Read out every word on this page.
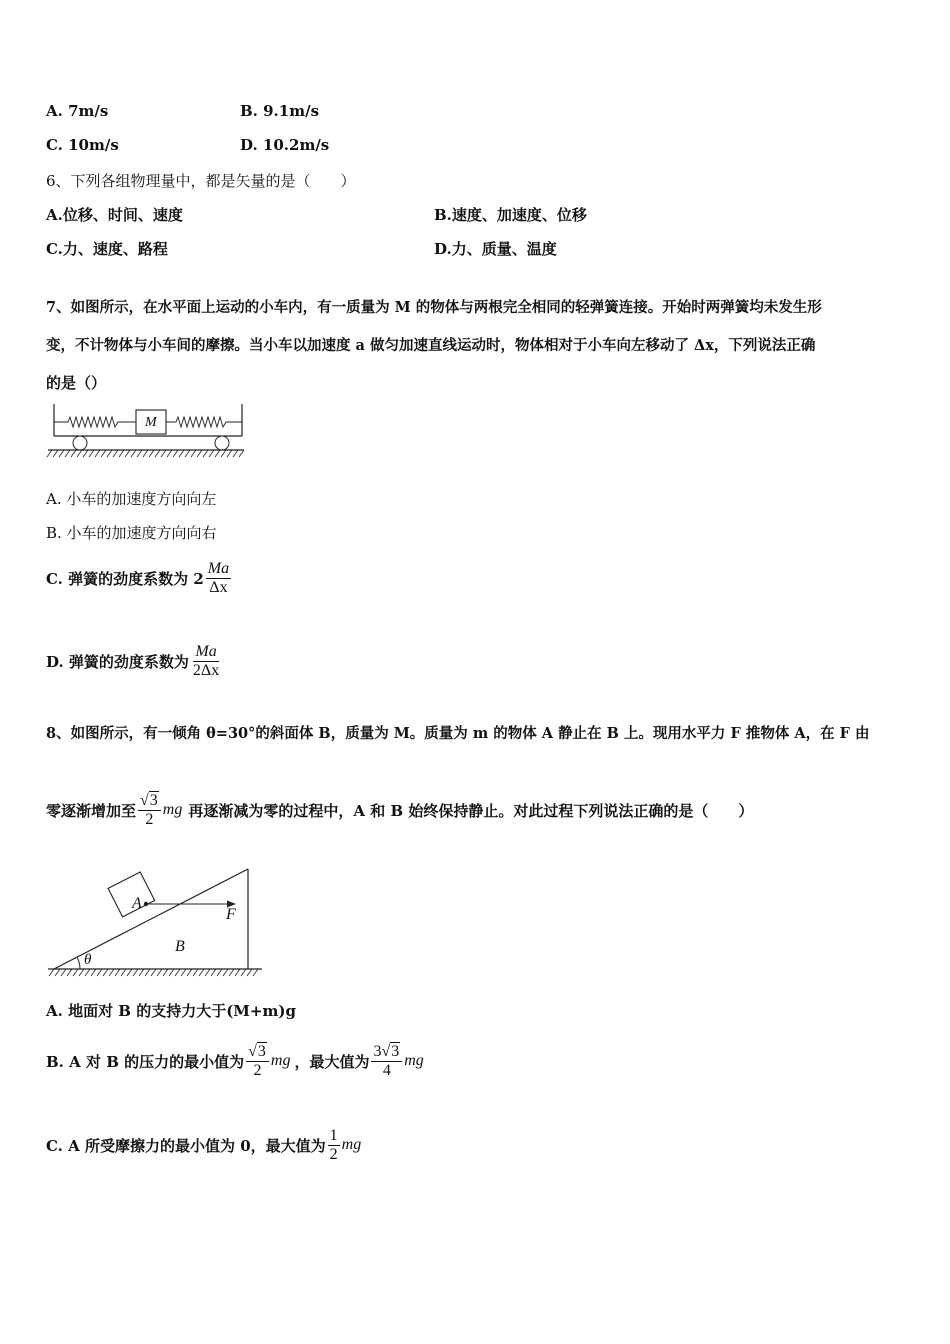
A. 7m/s	B. 9.1m/s
C. 10m/s	D. 10.2m/s
6、下列各组物理量中，都是矢量的是（　　）
A.位移、时间、速度	B.速度、加速度、位移
C.力、速度、路程	D.力、质量、温度
7、如图所示，在水平面上运动的小车内，有一质量为 M 的物体与两根完全相同的轻弹簧连接。开始时两弹簧均未发生形
变，不计物体与小车间的摩擦。当小车以加速度 a 做匀加速直线运动时，物体相对于小车向左移动了 Δx，下列说法正确
的是（）
M
A. 小车的加速度方向向左
B. 小车的加速度方向向右
C. 弹簧的劲度系数为 $2 \frac{Ma}{\Delta x}$
D. 弹簧的劲度系数为 $\frac{Ma}{2\Delta x}$
8、如图所示，有一倾角 θ=30°的斜面体 B，质量为 M。质量为 m 的物体 A 静止在 B 上。现用水平力 F 推物体 A，在 F 由
零逐渐增加至 $\frac{√3}{2}$ mg 再逐渐减为零的过程中，A 和 B 始终保持静止。对此过程下列说法正确的是（　　）
A
B
F
θ
A. 地面对 B 的支持力大于(M+m)g
B. A 对 B 的压力的最小值为 $\frac{√3}{2}$ mg ，最大值为 $\frac{3√3}{4}$ mg
C. A 所受摩擦力的最小值为 0，最大值为 $\frac{1}{2}$ mg
